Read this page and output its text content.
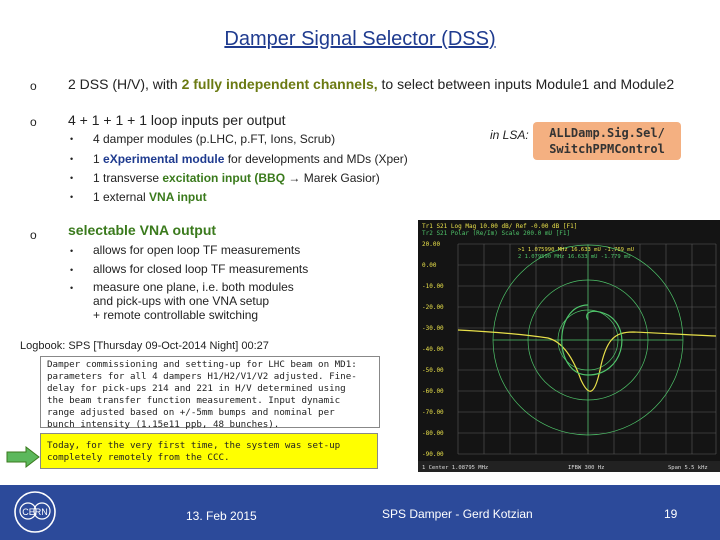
Damper Signal Selector (DSS)
o 2 DSS (H/V), with 2 fully independent channels, to select between inputs Module1 and Module2
o 4 + 1 + 1 + 1 loop inputs per output
• 4 damper modules (p.LHC, p.FT, Ions, Scrub)
• 1 eXperimental module for developments and MDs (Xper)
• 1 transverse excitation input (BBQ → Marek Gasior)
• 1 external VNA input
in LSA:	ALLDamp.Sig.Sel/
SwitchPPMControl
o selectable VNA output
• allows for open loop TF measurements
• allows for closed loop TF measurements
• measure one plane, i.e. both modules
and pick-ups with one VNA setup
+ remote controllable switching
Tr1 S21 Log Mag 10.00 dB/ Ref -0.00 dB [F1]
Tr2 S21 Polar (Re/Im) Scale 200.0 mU [F1]
20.00
0.00
-10.00
-20.00
-30.00
-40.00
-50.00
-60.00
-70.00
-80.00
-90.00
>1 1.075990 MHz 16.633 mU -1.769 mU
2 1.079590 MHz 16.633 mU -1.779 mU
1 Center 1.08795 MHz	IFBW 300 Hz	Span 5.5 kHz
Logbook: SPS [Thursday 09-Oct-2014 Night] 00:27
Damper commissioning and setting-up for LHC beam on MD1:
parameters for all 4 dampers H1/H2/V1/V2 adjusted. Fine-
delay for pick-ups 214 and 221 in H/V determined using
the beam transfer function measurement. Input dynamic
range adjusted based on +/-5mm bumps and nominal per
bunch intensity (1.15e11 ppb, 48 bunches).
Today, for the very first time, the system was set-up
completely remotely from the CCC.
CERN	13. Feb 2015	SPS Damper - Gerd Kotzian	19
